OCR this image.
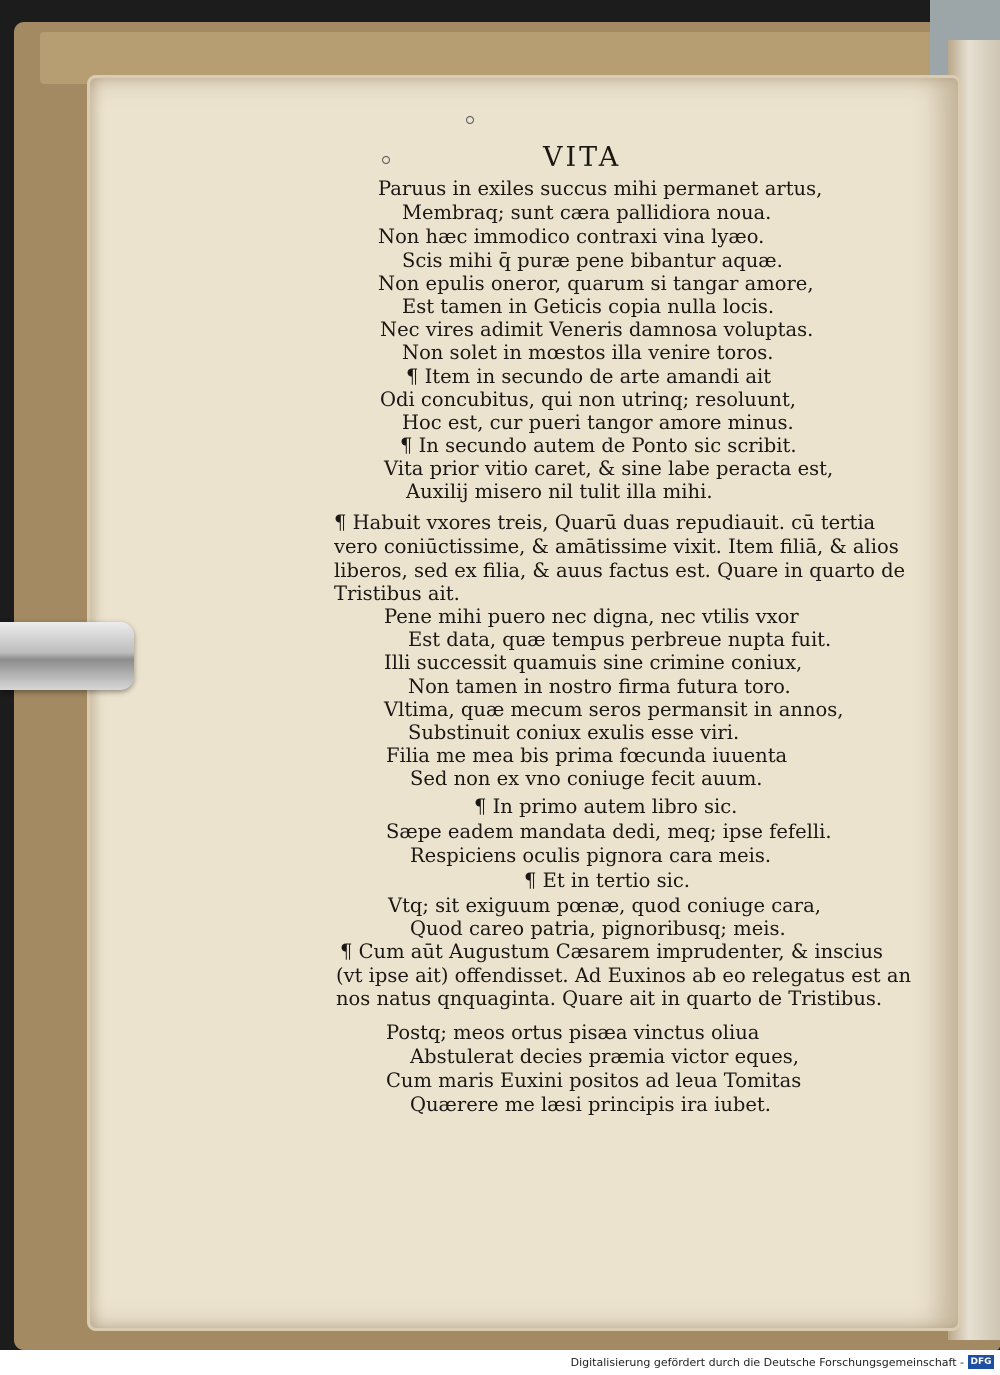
VITA
Paruus in exiles succus mihi permanet artus,
Membraq; sunt cæra pallidiora noua.
Non hæc immodico contraxi vina lyæo.
Scis mihi q̄ puræ pene bibantur aquæ.
Non epulis oneror, quarum si tangar amore,
Est tamen in Geticis copia nulla locis.
Nec vires adimit Veneris damnosa voluptas.
Non solet in mœstos illa venire toros.
¶ Item in secundo de arte amandi ait
Odi concubitus, qui non utrinq; resoluunt,
Hoc est, cur pueri tangor amore minus.
¶ In secundo autem de Ponto sic scribit.
Vita prior vitio caret, & sine labe peracta est,
Auxilij misero nil tulit illa mihi.
¶ Habuit vxores treis, Quarū duas repudiauit. cū tertia
vero coniūctissime, & amātissime vixit. Item filiā, & alios
liberos, sed ex filia, & auus factus est. Quare in quarto de
Tristibus ait.
Pene mihi puero nec digna, nec vtilis vxor
Est data, quæ tempus perbreue nupta fuit.
Illi successit quamuis sine crimine coniux,
Non tamen in nostro firma futura toro.
Vltima, quæ mecum seros permansit in annos,
Substinuit coniux exulis esse viri.
Filia me mea bis prima fœcunda iuuenta
Sed non ex vno coniuge fecit auum.
¶ In primo autem libro sic.
Sæpe eadem mandata dedi, meq; ipse fefelli.
Respiciens oculis pignora cara meis.
¶ Et in tertio sic.
Vtq; sit exiguum pœnæ, quod coniuge cara,
Quod careo patria, pignoribusq; meis.
¶ Cum aūt Augustum Cæsarem imprudenter, & inscius
(vt ipse ait) offendisset. Ad Euxinos ab eo relegatus est an
nos natus qnquaginta. Quare ait in quarto de Tristibus.
Postq; meos ortus pisæa vinctus oliua
Abstulerat decies præmia victor eques,
Cum maris Euxini positos ad leua Tomitas
Quærere me læsi principis ira iubet.
Digitalisierung gefördert durch die Deutsche Forschungsgemeinschaft - DFG
